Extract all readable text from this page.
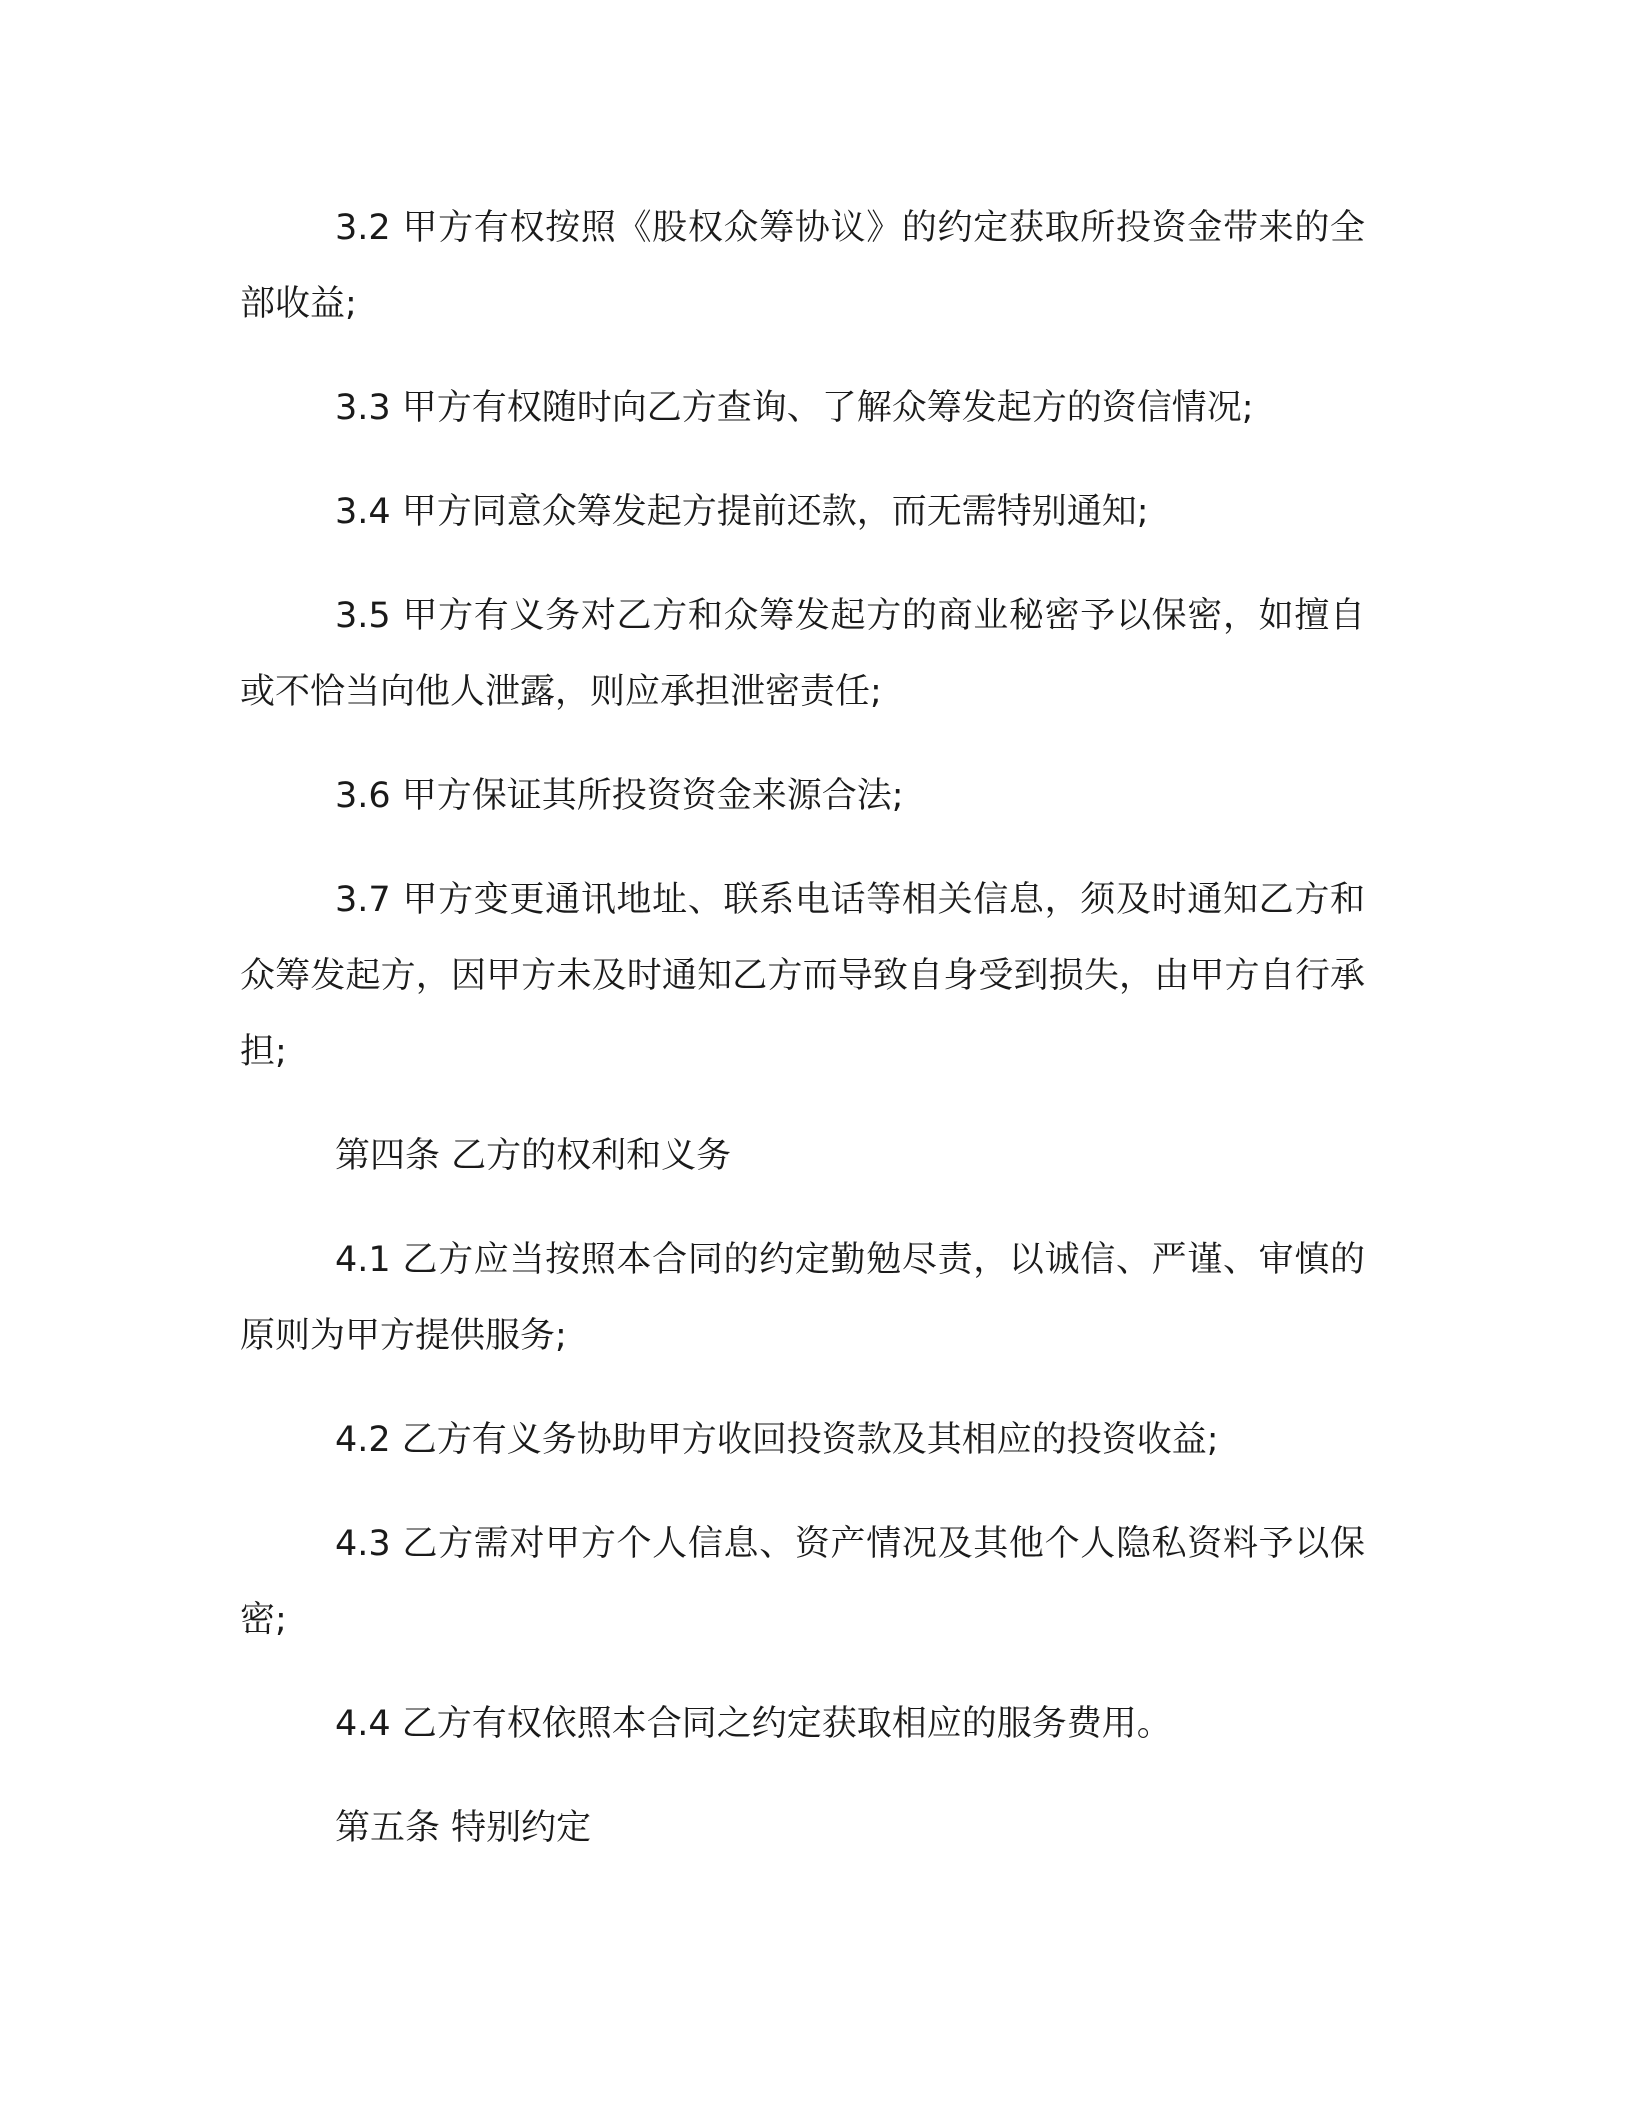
3.2 甲方有权按照《股权众筹协议》的约定获取所投资金带来的全部收益;

3.3 甲方有权随时向乙方查询、了解众筹发起方的资信情况;

3.4 甲方同意众筹发起方提前还款，而无需特别通知;

3.5 甲方有义务对乙方和众筹发起方的商业秘密予以保密，如擅自或不恰当向他人泄露，则应承担泄密责任;

3.6 甲方保证其所投资资金来源合法;

3.7 甲方变更通讯地址、联系电话等相关信息，须及时通知乙方和众筹发起方，因甲方未及时通知乙方而导致自身受到损失，由甲方自行承担;

第四条 乙方的权利和义务

4.1 乙方应当按照本合同的约定勤勉尽责，以诚信、严谨、审慎的原则为甲方提供服务;

4.2 乙方有义务协助甲方收回投资款及其相应的投资收益;

4.3 乙方需对甲方个人信息、资产情况及其他个人隐私资料予以保密;

4.4 乙方有权依照本合同之约定获取相应的服务费用。

第五条 特别约定
